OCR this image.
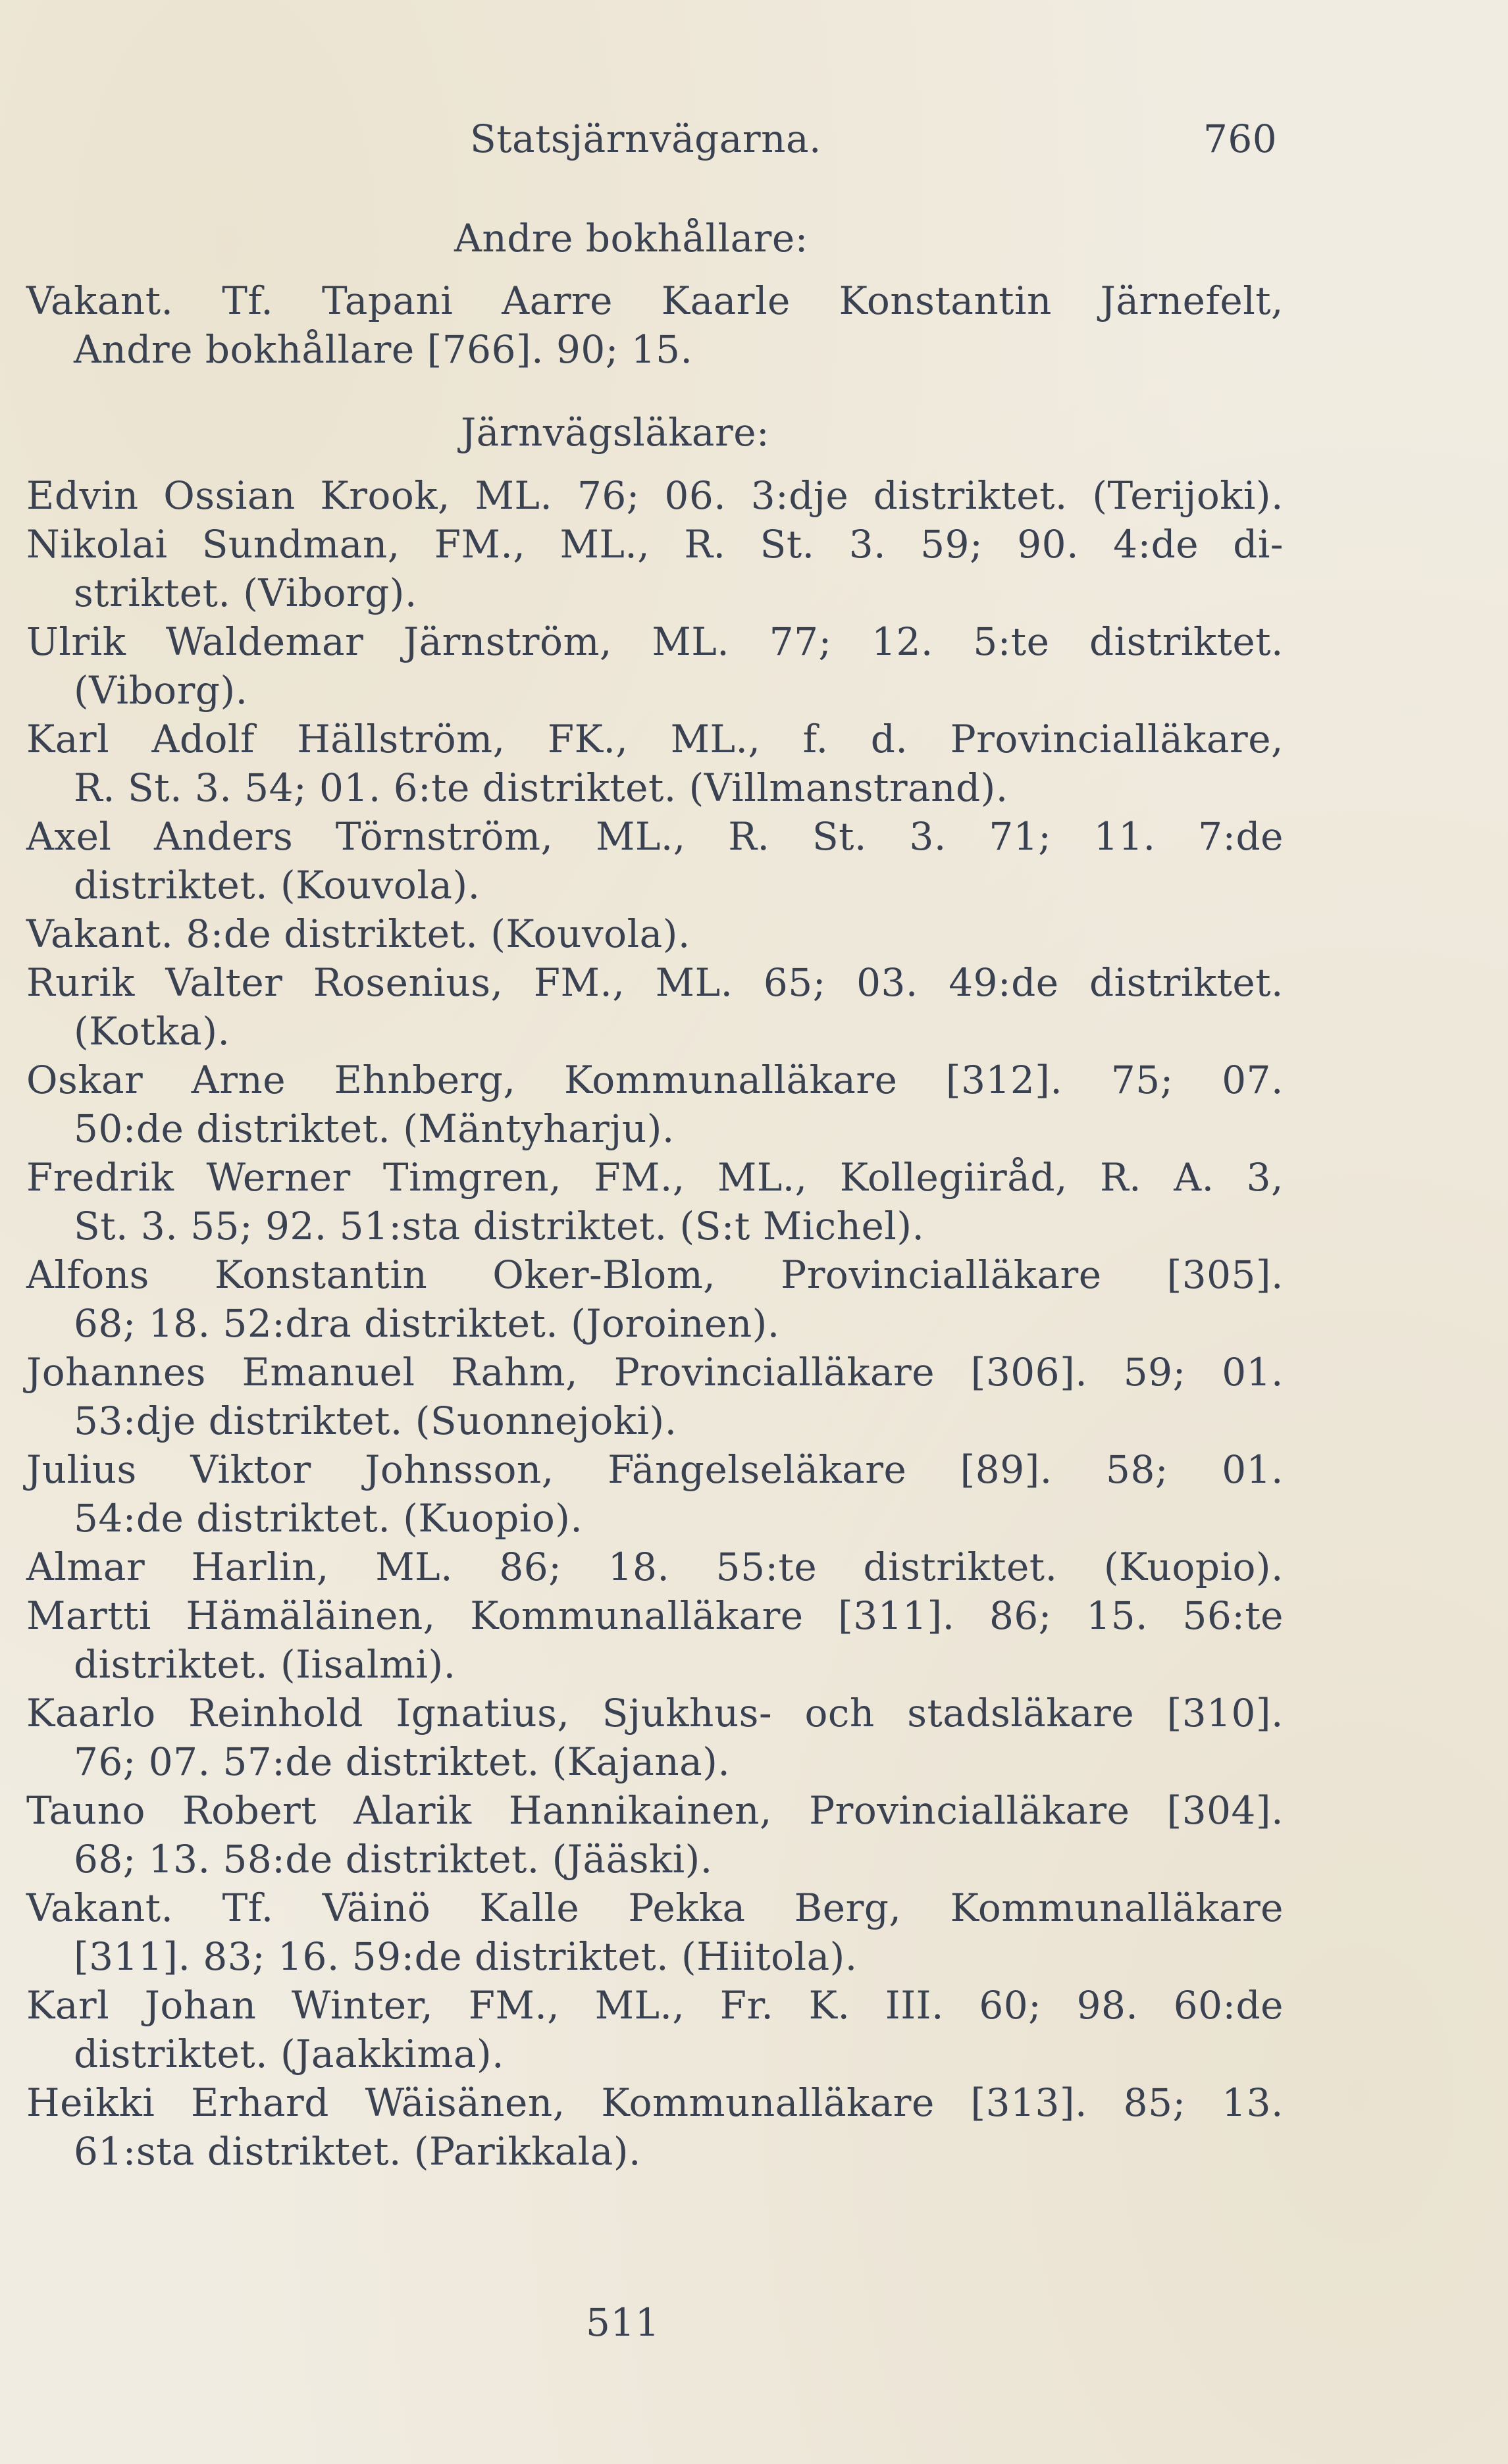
Statsjärnvägarna.	760
Andre bokhållare:
Vakant. Tf. Tapani Aarre Kaarle Konstantin Järnefelt,
Andre bokhållare [766]. 90; 15.
Järnvägsläkare:
Edvin Ossian Krook, ML. 76; 06. 3:dje distriktet. (Terijoki).
Nikolai Sundman, FM., ML., R. St. 3. 59; 90. 4:de di-
striktet. (Viborg).
Ulrik Waldemar Järnström, ML. 77; 12. 5:te distriktet.
(Viborg).
Karl Adolf Hällström, FK., ML., f. d. Provincialläkare,
R. St. 3. 54; 01. 6:te distriktet. (Villmanstrand).
Axel Anders Törnström, ML., R. St. 3. 71; 11. 7:de
distriktet. (Kouvola).
Vakant. 8:de distriktet. (Kouvola).
Rurik Valter Rosenius, FM., ML. 65; 03. 49:de distriktet.
(Kotka).
Oskar Arne Ehnberg, Kommunalläkare [312]. 75; 07.
50:de distriktet. (Mäntyharju).
Fredrik Werner Timgren, FM., ML., Kollegiiråd, R. A. 3,
St. 3. 55; 92. 51:sta distriktet. (S:t Michel).
Alfons Konstantin Oker-Blom, Provincialläkare [305].
68; 18. 52:dra distriktet. (Joroinen).
Johannes Emanuel Rahm, Provincialläkare [306]. 59; 01.
53:dje distriktet. (Suonnejoki).
Julius Viktor Johnsson, Fängelseläkare [89]. 58; 01.
54:de distriktet. (Kuopio).
Almar Harlin, ML. 86; 18. 55:te distriktet. (Kuopio).
Martti Hämäläinen, Kommunalläkare [311]. 86; 15. 56:te
distriktet. (Iisalmi).
Kaarlo Reinhold Ignatius, Sjukhus- och stadsläkare [310].
76; 07. 57:de distriktet. (Kajana).
Tauno Robert Alarik Hannikainen, Provincialläkare [304].
68; 13. 58:de distriktet. (Jääski).
Vakant. Tf. Väinö Kalle Pekka Berg, Kommunalläkare
[311]. 83; 16. 59:de distriktet. (Hiitola).
Karl Johan Winter, FM., ML., Fr. K. III. 60; 98. 60:de
distriktet. (Jaakkima).
Heikki Erhard Wäisänen, Kommunalläkare [313]. 85; 13.
61:sta distriktet. (Parikkala).
511
